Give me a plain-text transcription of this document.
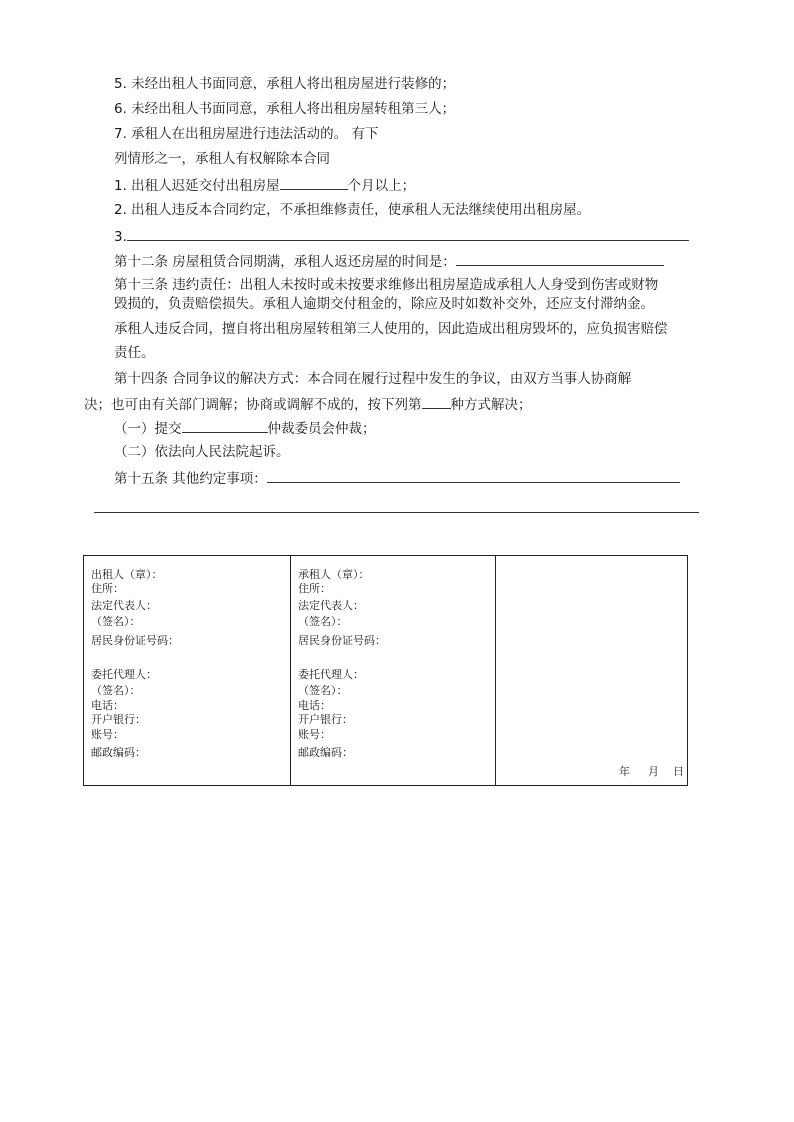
5. 未经出租人书面同意，承租人将出租房屋进行装修的；
6. 未经出租人书面同意，承租人将出租房屋转租第三人；
7. 承租人在出租房屋进行违法活动的。 有下
列情形之一，承租人有权解除本合同
1. 出租人迟延交付出租房屋	个月以上；
2. 出租人违反本合同约定，不承担维修责任，使承租人无法继续使用出租房屋。
3.
第十二条 房屋租赁合同期满，承租人返还房屋的时间是：
第十三条 违约责任：出租人未按时或未按要求维修出租房屋造成承租人人身受到伤害或财物
毁损的，负责赔偿损失。承租人逾期交付租金的，除应及时如数补交外，还应支付滞纳金。
承租人违反合同，擅自将出租房屋转租第三人使用的，因此造成出租房毁坏的，应负损害赔偿
责任。
第十四条 合同争议的解决方式：本合同在履行过程中发生的争议，由双方当事人协商解
决；也可由有关部门调解；协商或调解不成的，按下列第 种方式解决；
（一）提交	仲裁委员会仲裁；
（二）依法向人民法院起诉。
第十五条 其他约定事项：
出租人（章）：
住所：
法定代表人：
（签名）：
居民身份证号码：
委托代理人：
（签名）：
电话：
开户银行：
账号：
邮政编码：
承租人（章）：
住所：
法定代表人：
（签名）：
居民身份证号码：
委托代理人：
（签名）：
电话：
开户银行：
账号：
邮政编码：
年 月 日
